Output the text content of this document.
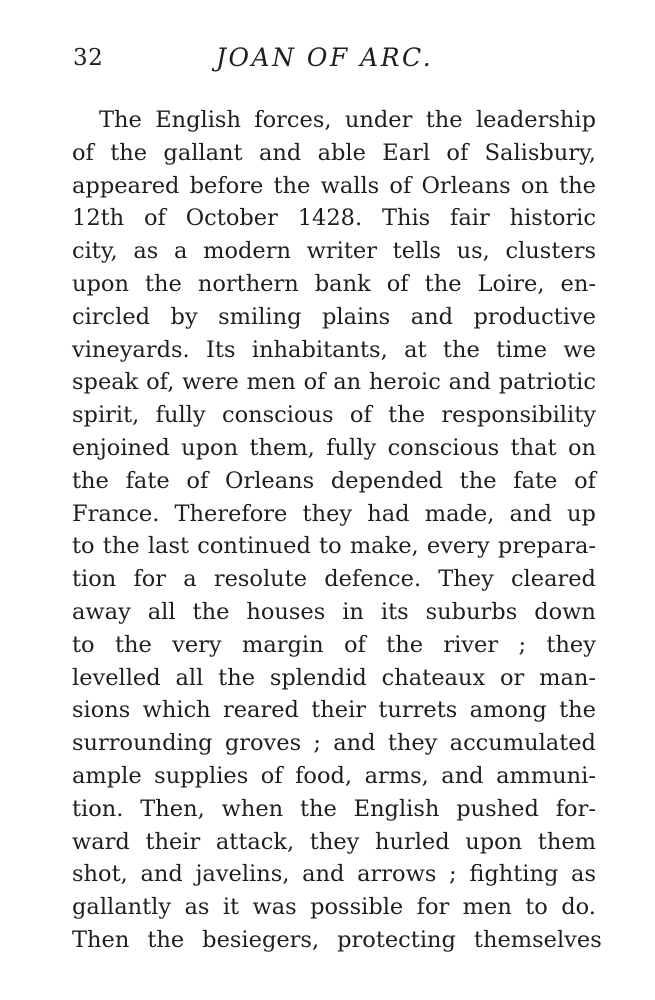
32	JOAN OF ARC.
The English forces, under the leadership
of the gallant and able Earl of Salisbury,
appeared before the walls of Orleans on the
12th of October 1428. This fair historic
city, as a modern writer tells us, clusters
upon the northern bank of the Loire, en-
circled by smiling plains and productive
vineyards. Its inhabitants, at the time we
speak of, were men of an heroic and patriotic
spirit, fully conscious of the responsibility
enjoined upon them, fully conscious that on
the fate of Orleans depended the fate of
France. Therefore they had made, and up
to the last continued to make, every prepara-
tion for a resolute defence. They cleared
away all the houses in its suburbs down
to the very margin of the river ; they
levelled all the splendid chateaux or man-
sions which reared their turrets among the
surrounding groves ; and they accumulated
ample supplies of food, arms, and ammuni-
tion. Then, when the English pushed for-
ward their attack, they hurled upon them
shot, and javelins, and arrows ; fighting as
gallantly as it was possible for men to do.
Then the besiegers, protecting themselves
